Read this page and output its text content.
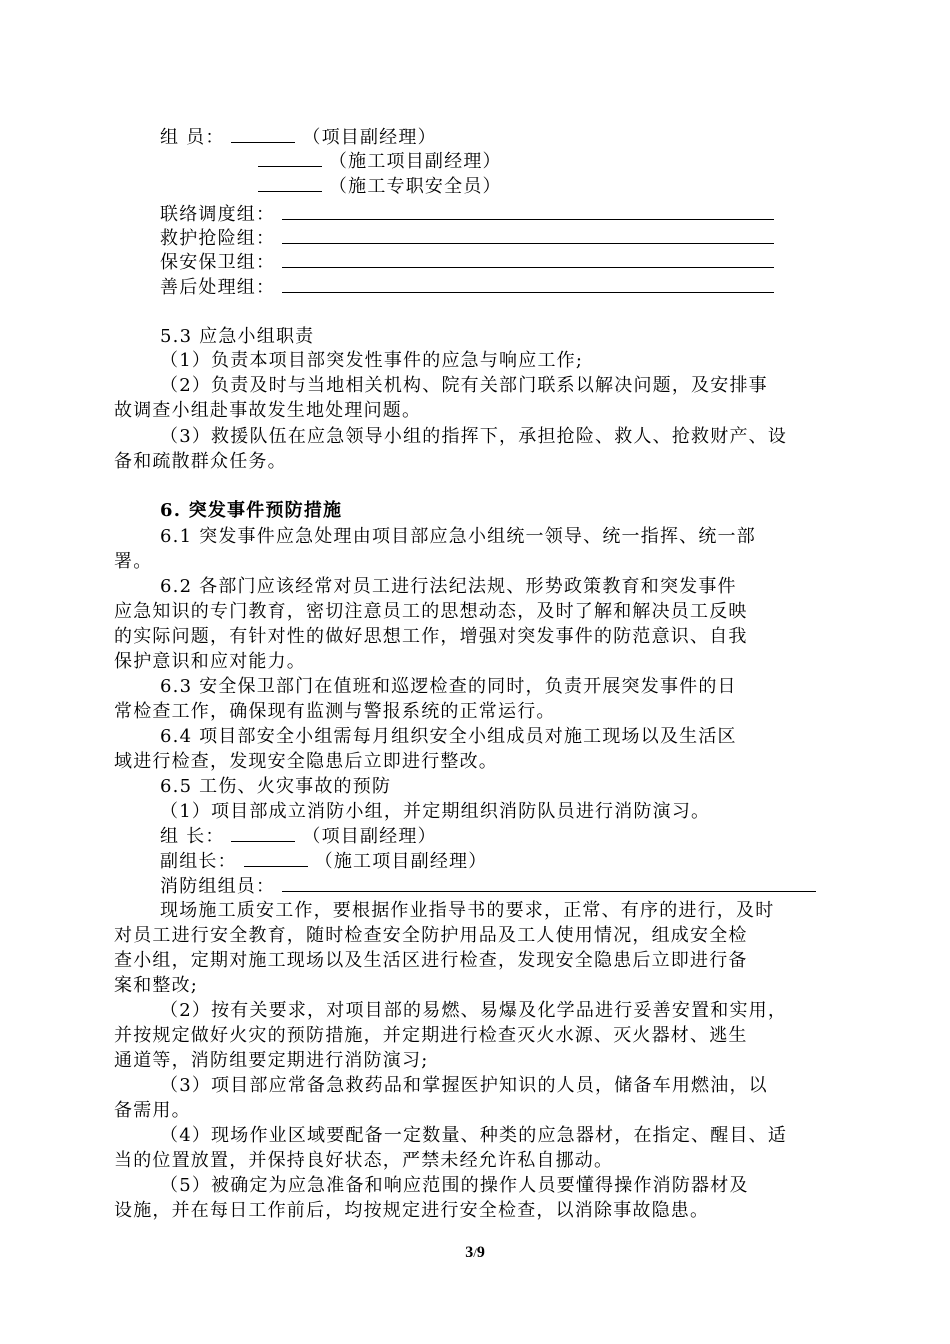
组 员：	（项目副经理）
（施工项目副经理）
（施工专职安全员）
联络调度组：
救护抢险组：
保安保卫组：
善后处理组：
5.3 应急小组职责
（1）负责本项目部突发性事件的应急与响应工作;
（2）负责及时与当地相关机构、院有关部门联系以解决问题，及安排事
故调查小组赴事故发生地处理问题。
（3）救援队伍在应急领导小组的指挥下，承担抢险、救人、抢救财产、设
备和疏散群众任务。
6. 突发事件预防措施
6.1 突发事件应急处理由项目部应急小组统一领导、统一指挥、统一部
署。
6.2 各部门应该经常对员工进行法纪法规、形势政策教育和突发事件
应急知识的专门教育，密切注意员工的思想动态，及时了解和解决员工反映
的实际问题，有针对性的做好思想工作，增强对突发事件的防范意识、自我
保护意识和应对能力。
6.3 安全保卫部门在值班和巡逻检查的同时，负责开展突发事件的日
常检查工作，确保现有监测与警报系统的正常运行。
6.4 项目部安全小组需每月组织安全小组成员对施工现场以及生活区
域进行检查，发现安全隐患后立即进行整改。
6.5 工伤、火灾事故的预防
（1）项目部成立消防小组，并定期组织消防队员进行消防演习。
组 长：	（项目副经理）
副组长：	（施工项目副经理）
消防组组员：
现场施工质安工作，要根据作业指导书的要求，正常、有序的进行，及时
对员工进行安全教育，随时检查安全防护用品及工人使用情况，组成安全检
查小组，定期对施工现场以及生活区进行检查，发现安全隐患后立即进行备
案和整改;
（2）按有关要求，对项目部的易燃、易爆及化学品进行妥善安置和实用，
并按规定做好火灾的预防措施，并定期进行检查灭火水源、灭火器材、逃生
通道等，消防组要定期进行消防演习;
（3）项目部应常备急救药品和掌握医护知识的人员，储备车用燃油，以
备需用。
（4）现场作业区域要配备一定数量、种类的应急器材，在指定、醒目、适
当的位置放置，并保持良好状态，严禁未经允许私自挪动。
（5）被确定为应急准备和响应范围的操作人员要懂得操作消防器材及
设施，并在每日工作前后，均按规定进行安全检查，以消除事故隐患。
3/9
